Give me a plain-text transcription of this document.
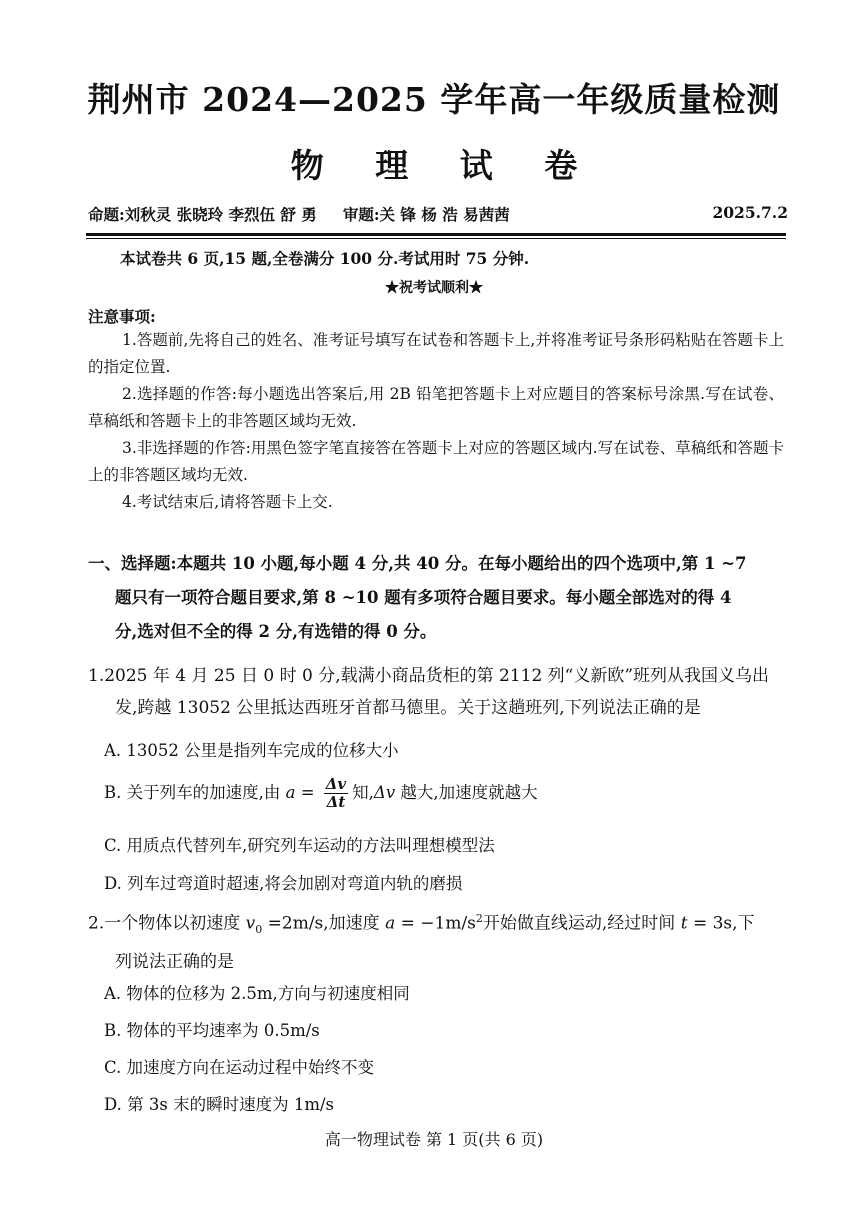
荆州市 2024—2025 学年高一年级质量检测
物 理 试 卷
命题:刘秋灵 张晓玲 李烈伍 舒 勇 审题:关 锋 杨 浩 易茜茜	2025.7.2
本试卷共 6 页,15 题,全卷满分 100 分.考试用时 75 分钟.
★祝考试顺利★
注意事项:
1.答题前,先将自己的姓名、准考证号填写在试卷和答题卡上,并将准考证号条形码粘贴在答题卡上的指定位置.
2.选择题的作答:每小题选出答案后,用 2B 铅笔把答题卡上对应题目的答案标号涂黑.写在试卷、草稿纸和答题卡上的非答题区域均无效.
3.非选择题的作答:用黑色签字笔直接答在答题卡上对应的答题区域内.写在试卷、草稿纸和答题卡上的非答题区域均无效.
4.考试结束后,请将答题卡上交.
一、选择题:本题共 10 小题,每小题 4 分,共 40 分。在每小题给出的四个选项中,第 1 ~7
题只有一项符合题目要求,第 8 ~10 题有多项符合题目要求。每小题全部选对的得 4
分,选对但不全的得 2 分,有选错的得 0 分。
1.2025 年 4 月 25 日 0 时 0 分,载满小商品货柜的第 2112 列“义新欧”班列从我国义乌出
发,跨越 13052 公里抵达西班牙首都马德里。关于这趟班列,下列说法正确的是
A. 13052 公里是指列车完成的位移大小
B. 关于列车的加速度,由 $a = \frac{\Delta v}{\Delta t}$ 知,Δv 越大,加速度就越大
C. 用质点代替列车,研究列车运动的方法叫理想模型法
D. 列车过弯道时超速,将会加剧对弯道内轨的磨损
2.一个物体以初速度 $v_0 =2m/s$,加速度 $a = -1m/s^2$开始做直线运动,经过时间 t = 3s,下
列说法正确的是
A. 物体的位移为 2.5m,方向与初速度相同
B. 物体的平均速率为 0.5m/s
C. 加速度方向在运动过程中始终不变
D. 第 3s 末的瞬时速度为 1m/s
高一物理试卷 第 1 页(共 6 页)
